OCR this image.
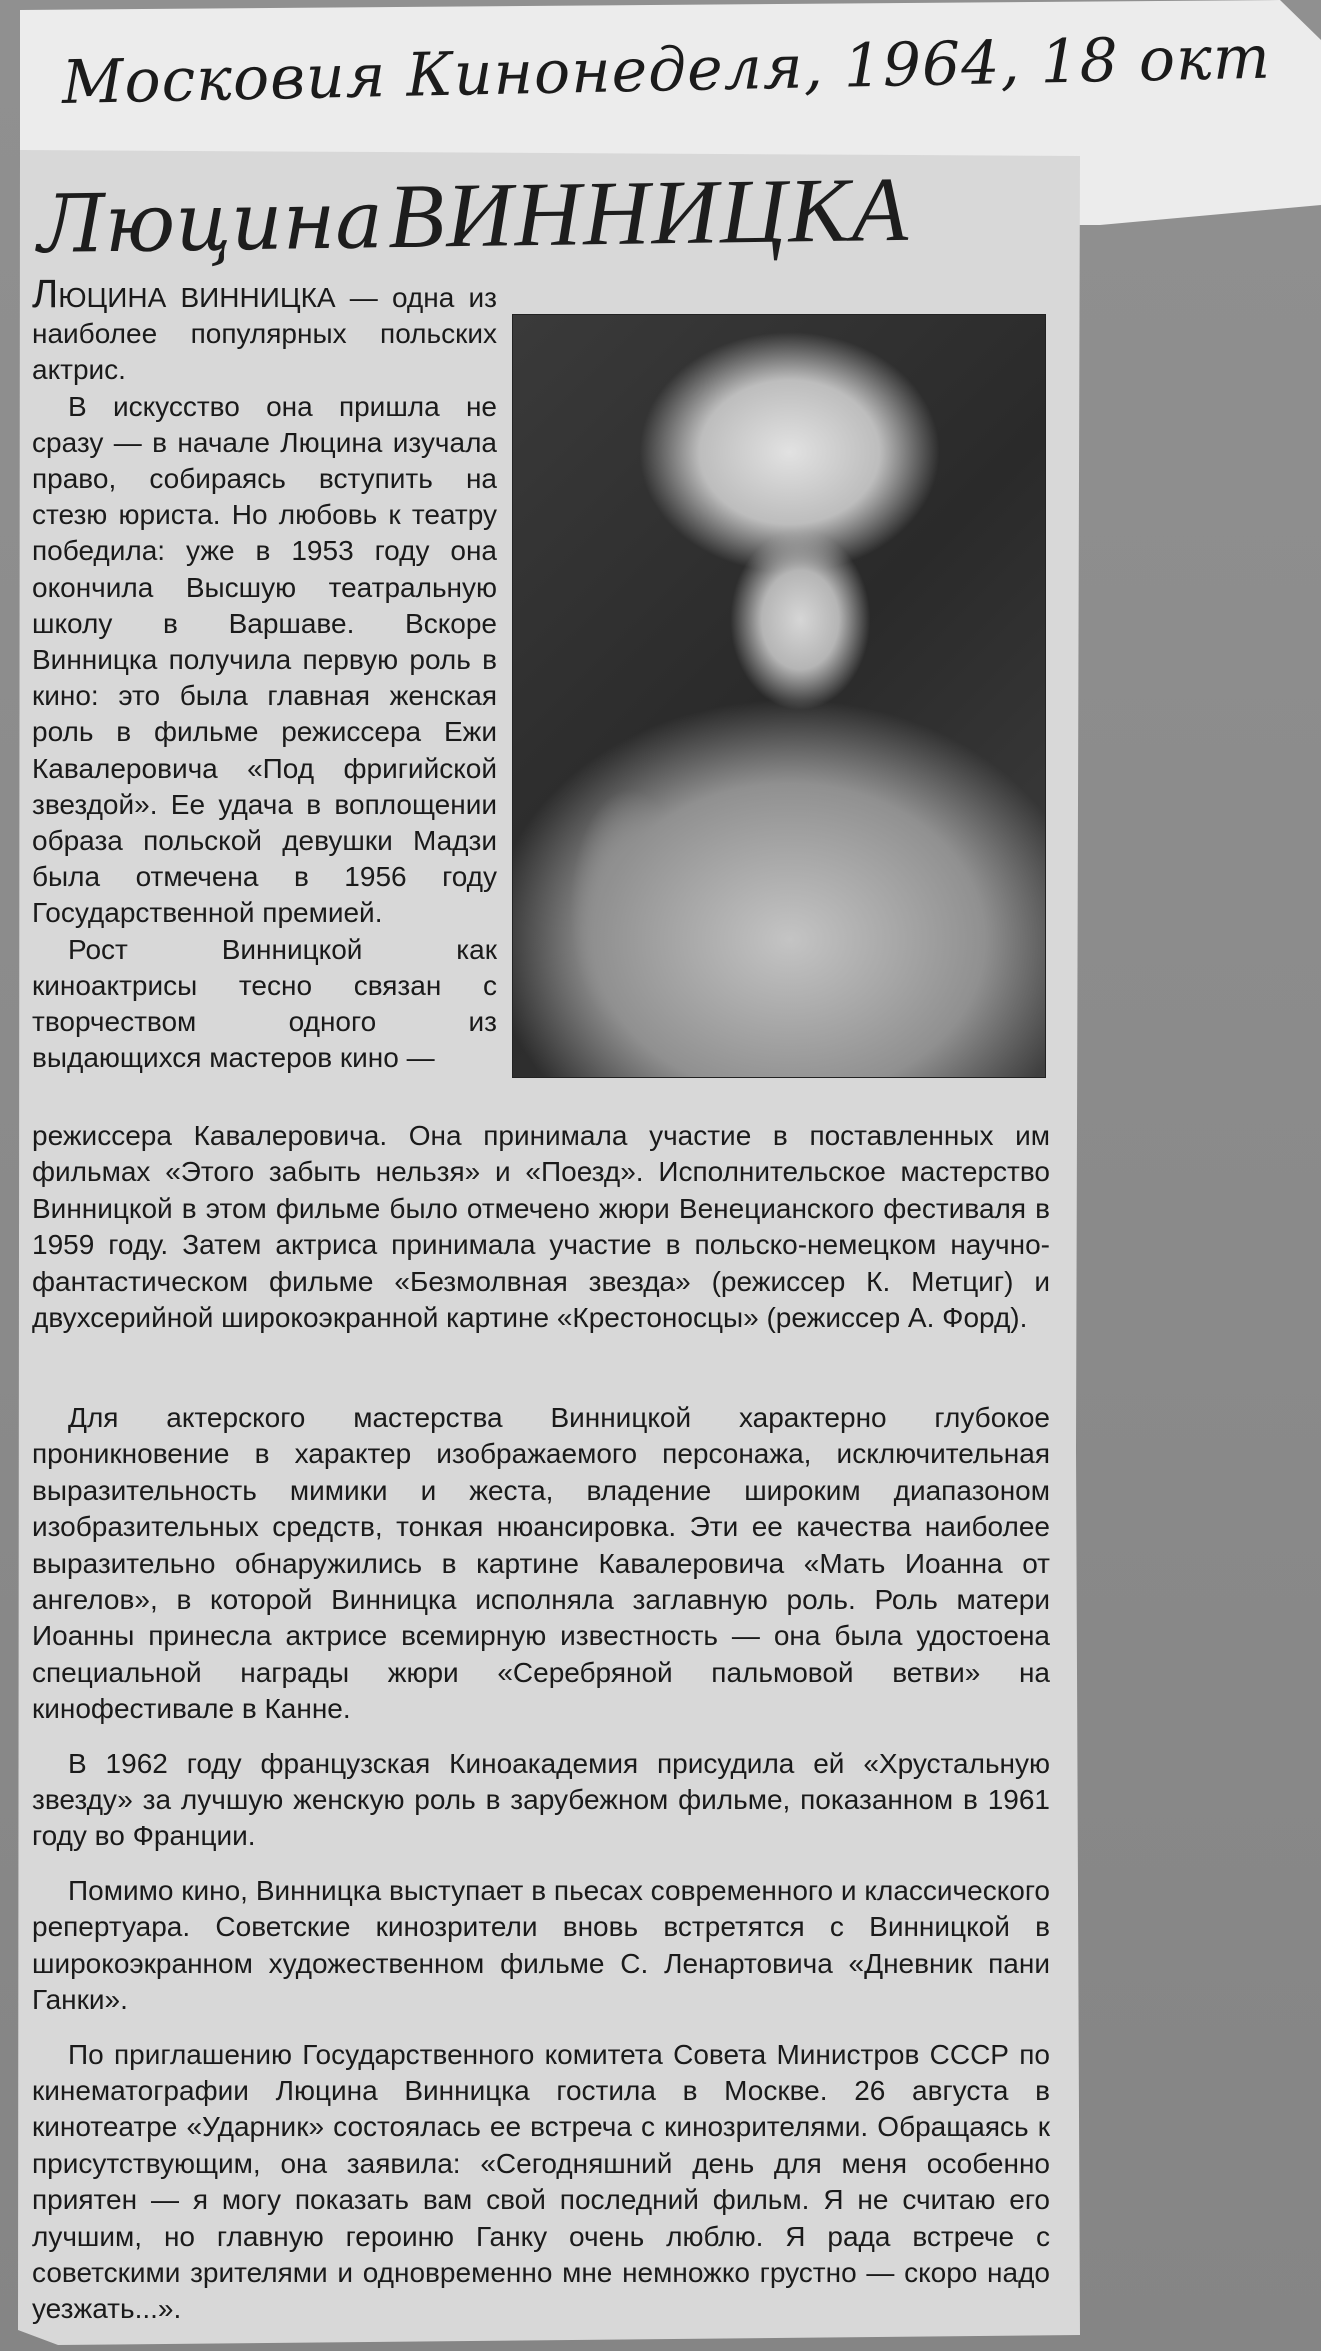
Московия Кинонеделя, 1964, 18 окт
Люцина ВИННИЦКА

ЛЮЦИНА ВИННИЦКА — одна из наиболее популярных польских актрис.

В искусство она пришла не сразу — в начале Люцина изучала право, собираясь вступить на стезю юриста. Но любовь к театру победила: уже в 1953 году она окончила Высшую театральную школу в Варшаве. Вскоре Винницка получила первую роль в кино: это была главная женская роль в фильме режиссера Ежи Кавалеровича «Под фригийской звездой». Ее удача в воплощении образа польской девушки Мадзи была отмечена в 1956 году Государственной премией.

Рост Винницкой как киноактрисы тесно связан с творчеством одного из выдающихся мастеров кино —

режиссера Кавалеровича. Она принимала участие в поставленных им фильмах «Этого забыть нельзя» и «Поезд». Исполнительское мастерство Винницкой в этом фильме было отмечено жюри Венецианского фестиваля в 1959 году. Затем актриса принимала участие в польско-немецком научно-фантастическом фильме «Безмолвная звезда» (режиссер К. Метциг) и двухсерийной широкоэкранной картине «Крестоносцы» (режиссер А. Форд).

Для актерского мастерства Винницкой характерно глубокое проникновение в характер изображаемого персонажа, исключительная выразительность мимики и жеста, владение широким диапазоном изобразительных средств, тонкая нюансировка. Эти ее качества наиболее выразительно обнаружились в картине Кавалеровича «Мать Иоанна от ангелов», в которой Винницка исполняла заглавную роль. Роль матери Иоанны принесла актрисе всемирную известность — она была удостоена специальной награды жюри «Серебряной пальмовой ветви» на кинофестивале в Канне.

В 1962 году французская Киноакадемия присудила ей «Хрустальную звезду» за лучшую женскую роль в зарубежном фильме, показанном в 1961 году во Франции.

Помимо кино, Винницка выступает в пьесах современного и классического репертуара. Советские кинозрители вновь встретятся с Винницкой в широкоэкранном художественном фильме С. Ленартовича «Дневник пани Ганки».

По приглашению Государственного комитета Совета Министров СССР по кинематографии Люцина Винницка гостила в Москве. 26 августа в кинотеатре «Ударник» состоялась ее встреча с кинозрителями. Обращаясь к присутствующим, она заявила: «Сегодняшний день для меня особенно приятен — я могу показать вам свой последний фильм. Я не считаю его лучшим, но главную героиню Ганку очень люблю. Я рада встрече с советскими зрителями и одновременно мне немножко грустно — скоро надо уезжать...».
